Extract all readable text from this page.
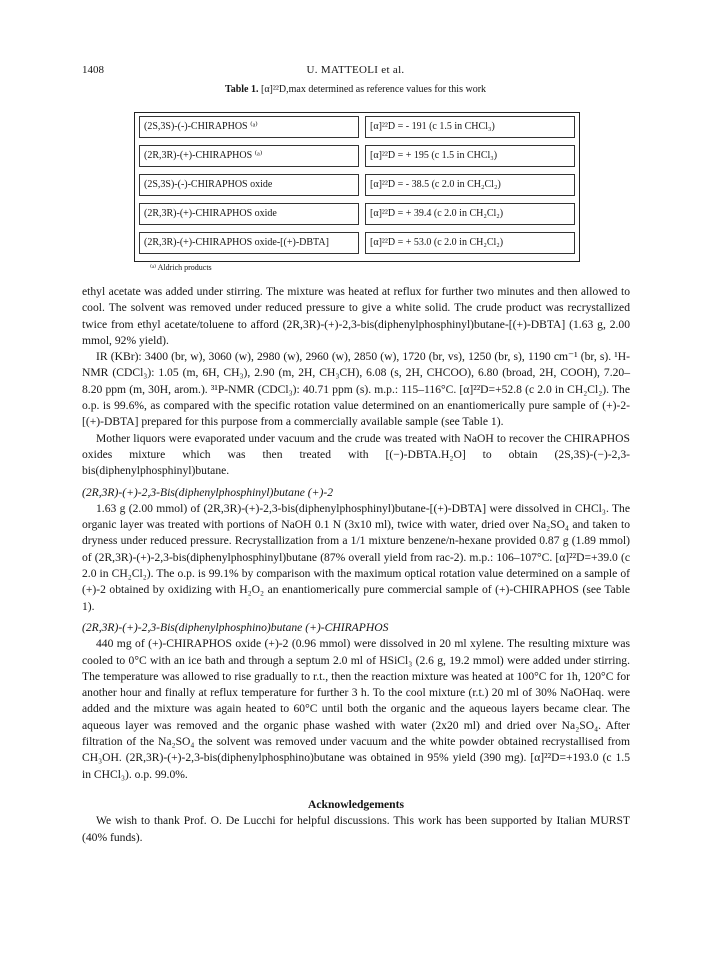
1408	U. MATTEOLI et al.
Table 1. [α]²²D,max determined as reference values for this work
(2S,3S)-(-)-CHIRAPHOS ⁽ᵃ⁾	[α]²²D = - 191 (c 1.5 in CHCl₃)
(2R,3R)-(+)-CHIRAPHOS ⁽ᵃ⁾	[α]²²D = + 195 (c 1.5 in CHCl₃)
(2S,3S)-(-)-CHIRAPHOS oxide	[α]²²D = - 38.5 (c 2.0 in CH₂Cl₂)
(2R,3R)-(+)-CHIRAPHOS oxide	[α]²²D = + 39.4 (c 2.0 in CH₂Cl₂)
(2R,3R)-(+)-CHIRAPHOS oxide-[(+)-DBTA]	[α]²²D = + 53.0 (c 2.0 in CH₂Cl₂)
⁽ᵃ⁾ Aldrich products

ethyl acetate was added under stirring. The mixture was heated at reflux for further two minutes and then allowed to cool. The solvent was removed under reduced pressure to give a white solid. The crude product was recrystallized twice from ethyl acetate/toluene to afford (2R,3R)-(+)-2,3-bis(diphenylphosphinyl)butane-[(+)-DBTA] (1.63 g, 2.00 mmol, 92% yield).

IR (KBr): 3400 (br, w), 3060 (w), 2980 (w), 2960 (w), 2850 (w), 1720 (br, vs), 1250 (br, s), 1190 cm⁻¹ (br, s). ¹H-NMR (CDCl₃): 1.05 (m, 6H, CH₃), 2.90 (m, 2H, CH₃CH), 6.08 (s, 2H, CHCOO), 6.80 (broad, 2H, COOH), 7.20–8.20 ppm (m, 30H, arom.). ³¹P-NMR (CDCl₃): 40.71 ppm (s). m.p.: 115–116°C. [α]²²D=+52.8 (c 2.0 in CH₂Cl₂). The o.p. is 99.6%, as compared with the specific rotation value determined on an enantiomerically pure sample of (+)-2-[(+)-DBTA] prepared for this purpose from a commercially available sample (see Table 1).

Mother liquors were evaporated under vacuum and the crude was treated with NaOH to recover the CHIRAPHOS oxides mixture which was then treated with [(−)-DBTA.H₂O] to obtain (2S,3S)-(−)-2,3-bis(diphenylphosphinyl)butane.

(2R,3R)-(+)-2,3-Bis(diphenylphosphinyl)butane (+)-2

1.63 g (2.00 mmol) of (2R,3R)-(+)-2,3-bis(diphenylphosphinyl)butane-[(+)-DBTA] were dissolved in CHCl₃. The organic layer was treated with portions of NaOH 0.1 N (3x10 ml), twice with water, dried over Na₂SO₄ and taken to dryness under reduced pressure. Recrystallization from a 1/1 mixture benzene/n-hexane provided 0.87 g (1.89 mmol) of (2R,3R)-(+)-2,3-bis(diphenylphosphinyl)butane (87% overall yield from rac-2). m.p.: 106–107°C. [α]²²D=+39.0 (c 2.0 in CH₂Cl₂). The o.p. is 99.1% by comparison with the maximum optical rotation value determined on a sample of (+)-2 obtained by oxidizing with H₂O₂ an enantiomerically pure commercial sample of (+)-CHIRAPHOS (see Table 1).

(2R,3R)-(+)-2,3-Bis(diphenylphosphino)butane (+)-CHIRAPHOS

440 mg of (+)-CHIRAPHOS oxide (+)-2 (0.96 mmol) were dissolved in 20 ml xylene. The resulting mixture was cooled to 0°C with an ice bath and through a septum 2.0 ml of HSiCl₃ (2.6 g, 19.2 mmol) were added under stirring. The temperature was allowed to rise gradually to r.t., then the reaction mixture was heated at 100°C for 1h, 120°C for another hour and finally at reflux temperature for further 3 h. To the cool mixture (r.t.) 20 ml of 30% NaOHaq. were added and the mixture was again heated to 60°C until both the organic and the aqueous layers became clear. The aqueous layer was removed and the organic phase washed with water (2x20 ml) and dried over Na₂SO₄. After filtration of the Na₂SO₄ the solvent was removed under vacuum and the white powder obtained recrystallised from CH₃OH. (2R,3R)-(+)-2,3-bis(diphenylphosphino)butane was obtained in 95% yield (390 mg). [α]²²D=+193.0 (c 1.5 in CHCl₃). o.p. 99.0%.

Acknowledgements

We wish to thank Prof. O. De Lucchi for helpful discussions. This work has been supported by Italian MURST (40% funds).
